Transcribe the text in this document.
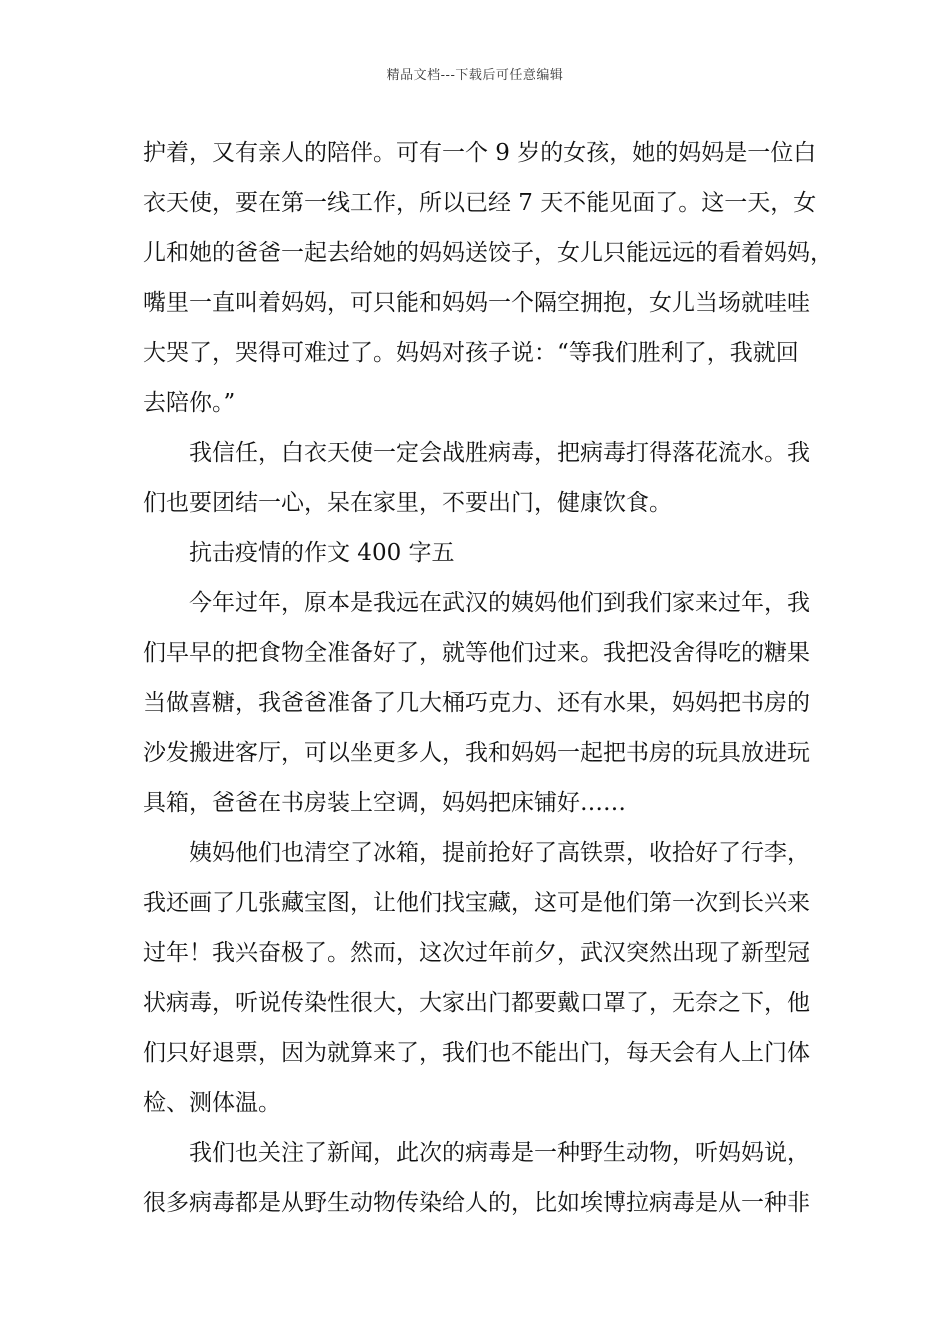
精品文档---下载后可任意编辑
护着，又有亲人的陪伴。可有一个 9 岁的女孩，她的妈妈是一位白
衣天使，要在第一线工作，所以已经 7 天不能见面了。这一天，女
儿和她的爸爸一起去给她的妈妈送饺子，女儿只能远远的看着妈妈，
嘴里一直叫着妈妈，可只能和妈妈一个隔空拥抱，女儿当场就哇哇
大哭了，哭得可难过了。妈妈对孩子说：“等我们胜利了，我就回
去陪你。”
我信任，白衣天使一定会战胜病毒，把病毒打得落花流水。我
们也要团结一心，呆在家里，不要出门，健康饮食。
抗击疫情的作文 400 字五
今年过年，原本是我远在武汉的姨妈他们到我们家来过年，我
们早早的把食物全准备好了，就等他们过来。我把没舍得吃的糖果
当做喜糖，我爸爸准备了几大桶巧克力、还有水果，妈妈把书房的
沙发搬进客厅，可以坐更多人，我和妈妈一起把书房的玩具放进玩
具箱，爸爸在书房装上空调，妈妈把床铺好……
姨妈他们也清空了冰箱，提前抢好了高铁票，收拾好了行李，
我还画了几张藏宝图，让他们找宝藏，这可是他们第一次到长兴来
过年！我兴奋极了。然而，这次过年前夕，武汉突然出现了新型冠
状病毒，听说传染性很大，大家出门都要戴口罩了，无奈之下，他
们只好退票，因为就算来了，我们也不能出门，每天会有人上门体
检、测体温。
我们也关注了新闻，此次的病毒是一种野生动物，听妈妈说，
很多病毒都是从野生动物传染给人的，比如埃博拉病毒是从一种非
